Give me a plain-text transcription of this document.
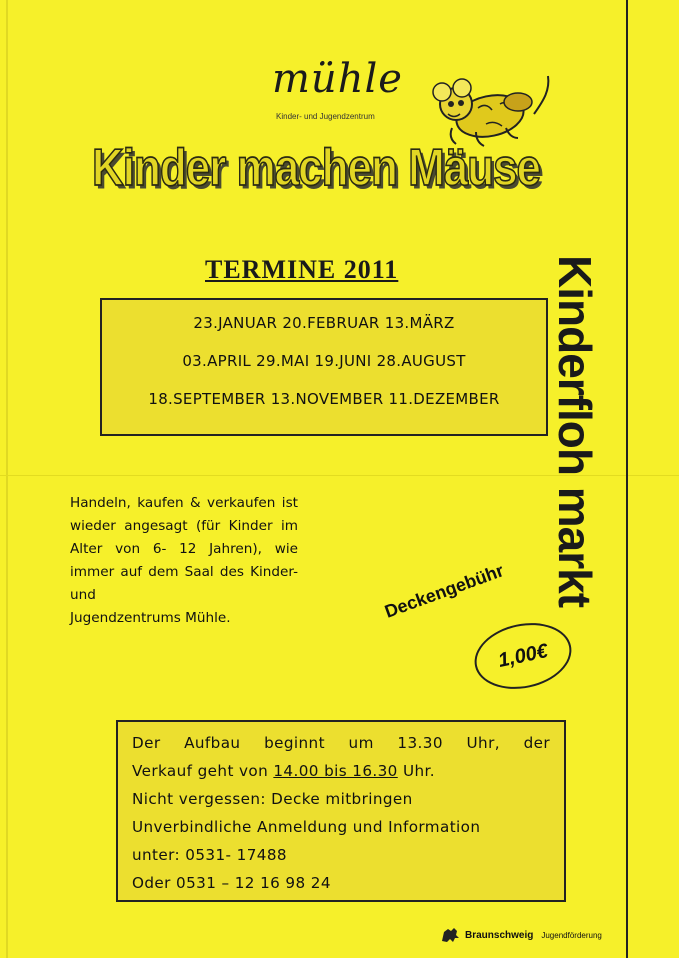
mühle
Kinder- und Jugendzentrum
Kinder machen Mäuse
TERMINE 2011
23.JANUAR 20.FEBRUAR 13.MÄRZ
03.APRIL 29.MAI 19.JUNI 28.AUGUST
18.SEPTEMBER 13.NOVEMBER 11.DEZEMBER	Kinderfloh markt
Handeln, kaufen & verkaufen ist wieder angesagt (für Kinder im Alter von 6- 12 Jahren), wie immer auf dem Saal des Kinder- und
Jugendzentrums Mühle.	Deckengebühr
1,00€
Der Aufbau beginnt um 13.30 Uhr, der
Verkauf geht von 14.00 bis 16.30 Uhr.
Nicht vergessen: Decke mitbringen
Unverbindliche Anmeldung und Information
unter: 0531- 17488
Oder 0531 – 12 16 98 24
Braunschweig Jugendförderung
